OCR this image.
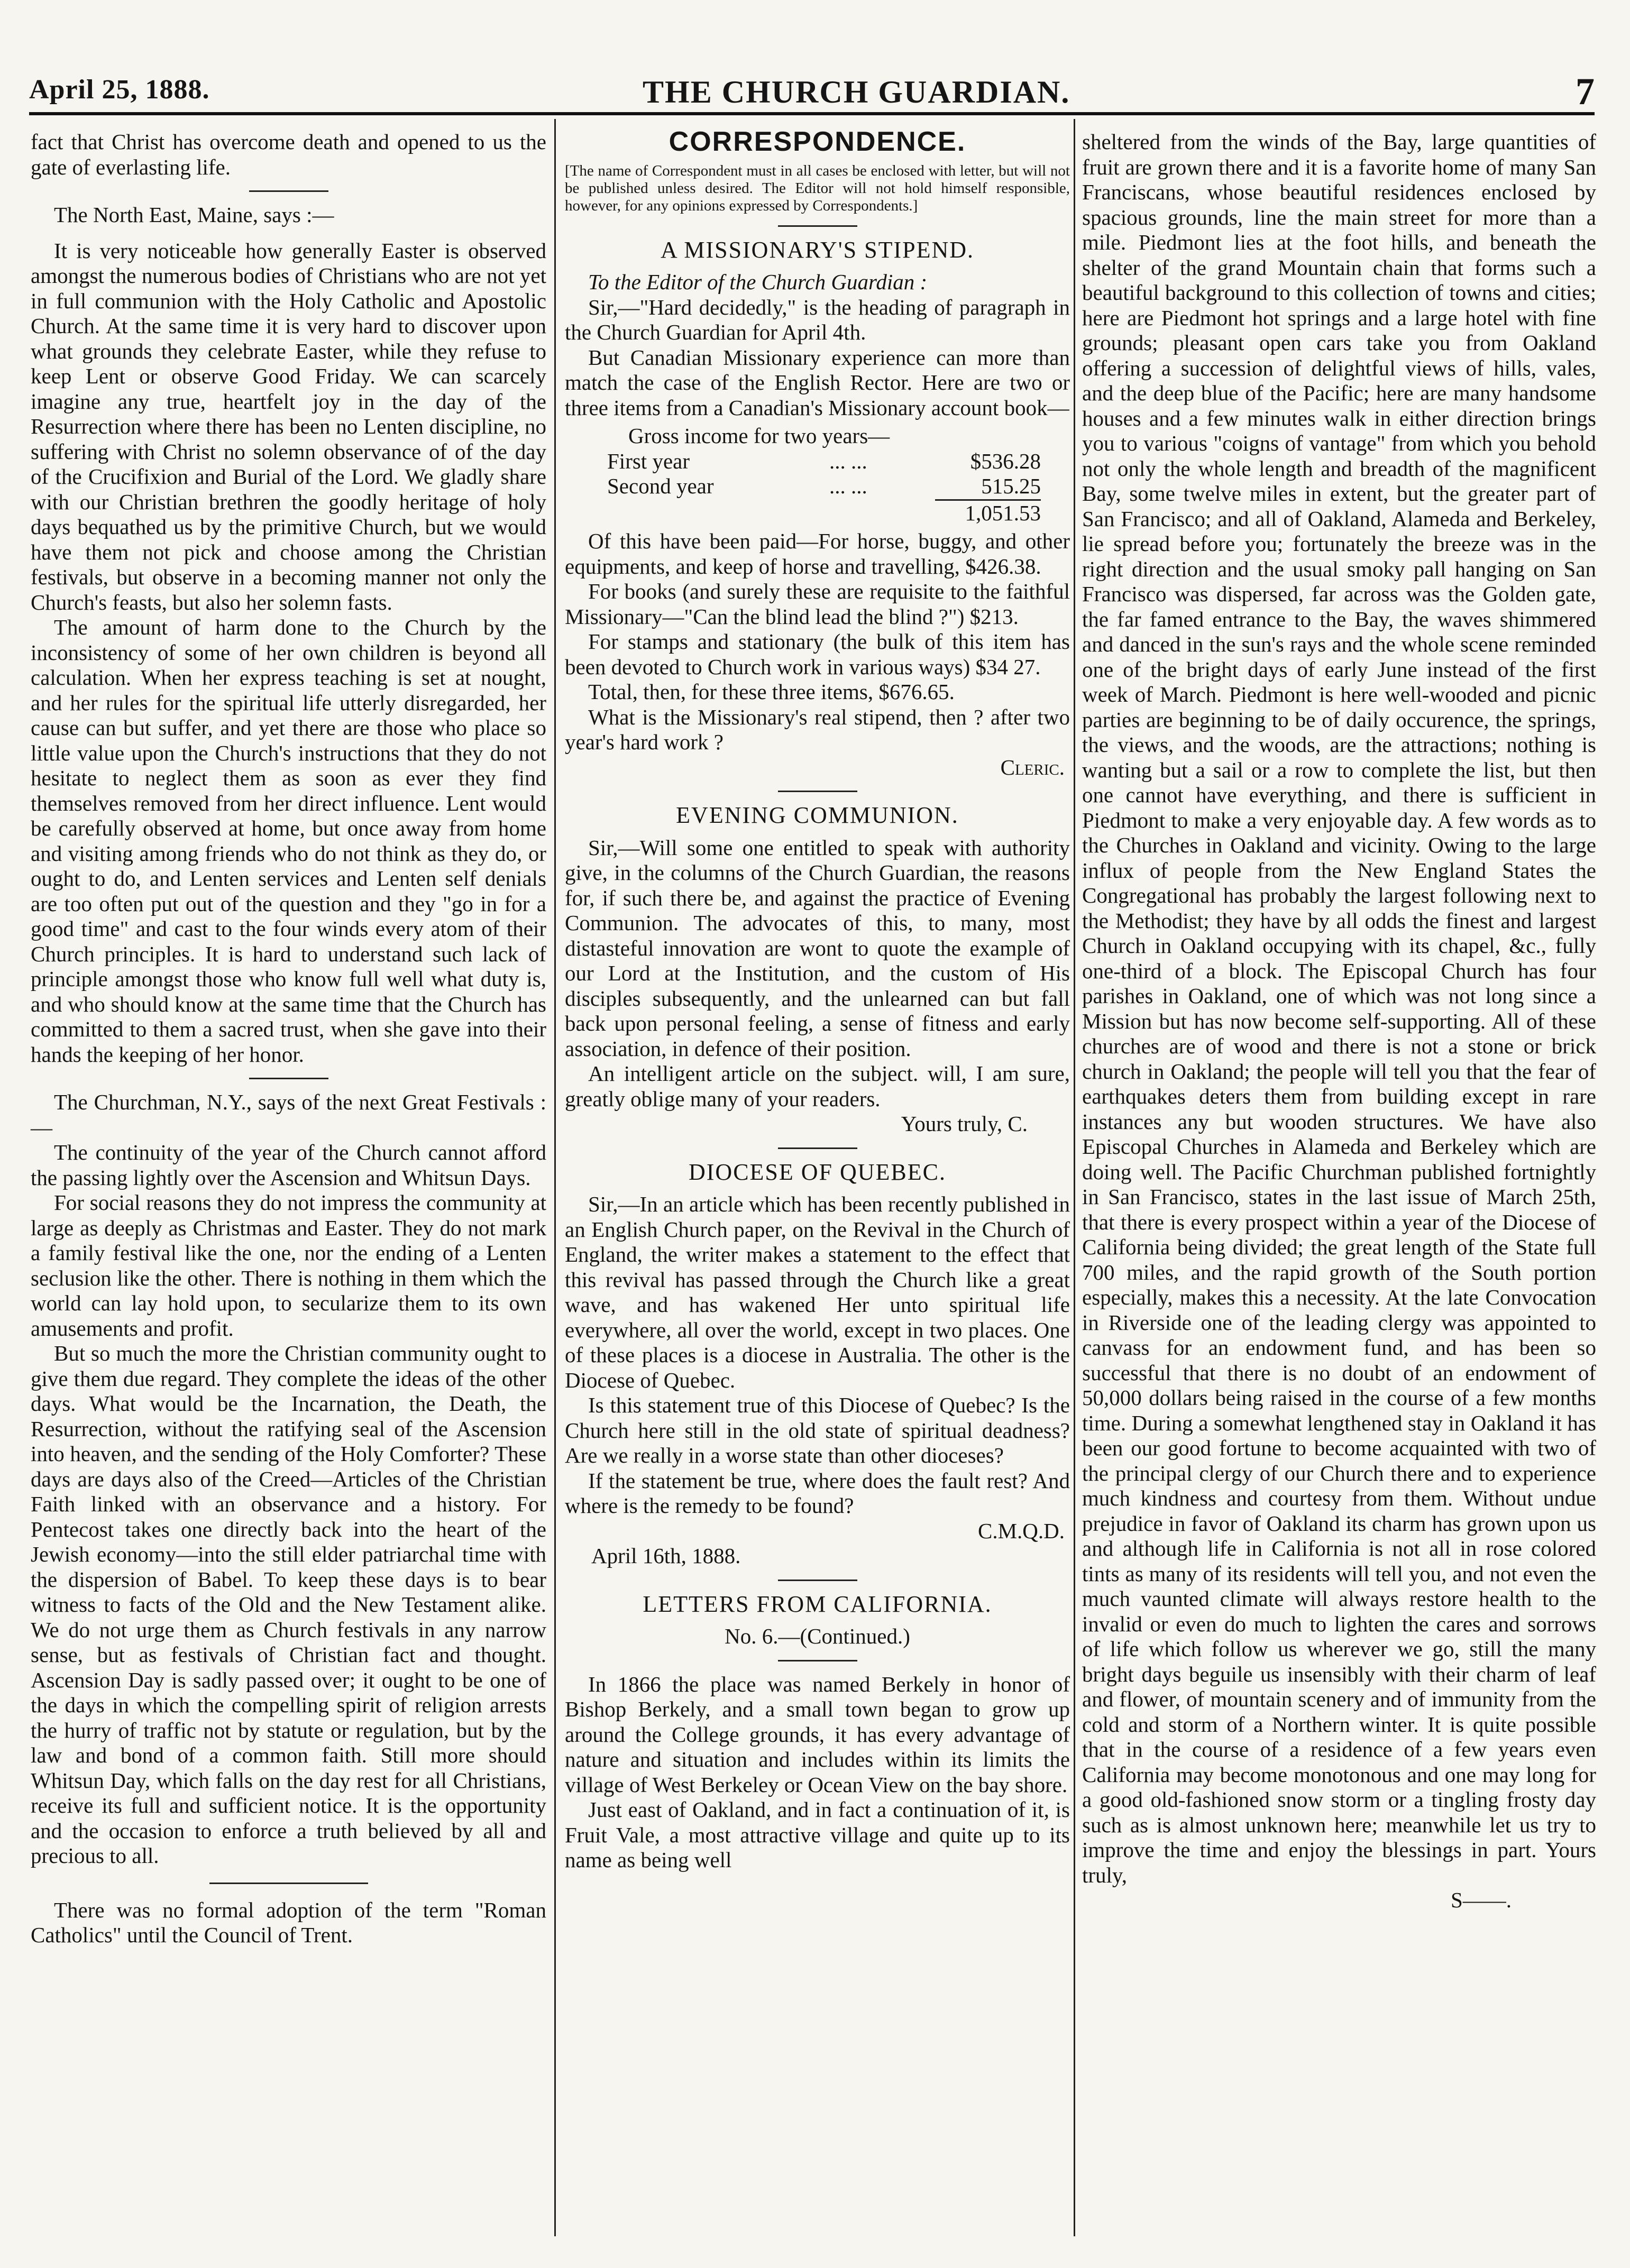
April 25, 1888.	THE CHURCH GUARDIAN.	7

fact that Christ has overcome death and opened to us the gate of everlasting life.

The North East, Maine, says :—

It is very noticeable how generally Easter is observed amongst the numerous bodies of Christians who are not yet in full communion with the Holy Catholic and Apostolic Church. At the same time it is very hard to discover upon what grounds they celebrate Easter, while they refuse to keep Lent or observe Good Friday. We can scarcely imagine any true, heartfelt joy in the day of the Resurrection where there has been no Lenten discipline, no suffering with Christ no solemn observance of of the day of the Crucifixion and Burial of the Lord. We gladly share with our Christian brethren the goodly heritage of holy days bequathed us by the primitive Church, but we would have them not pick and choose among the Christian festivals, but observe in a becoming manner not only the Church's feasts, but also her solemn fasts.

The amount of harm done to the Church by the inconsistency of some of her own children is beyond all calculation. When her express teaching is set at nought, and her rules for the spiritual life utterly disregarded, her cause can but suffer, and yet there are those who place so little value upon the Church's instructions that they do not hesitate to neglect them as soon as ever they find themselves removed from her direct influence. Lent would be carefully observed at home, but once away from home and visiting among friends who do not think as they do, or ought to do, and Lenten services and Lenten self denials are too often put out of the question and they "go in for a good time" and cast to the four winds every atom of their Church principles. It is hard to understand such lack of principle amongst those who know full well what duty is, and who should know at the same time that the Church has committed to them a sacred trust, when she gave into their hands the keeping of her honor.

The Churchman, N.Y., says of the next Great Festivals :—

The continuity of the year of the Church cannot afford the passing lightly over the Ascension and Whitsun Days.

For social reasons they do not impress the community at large as deeply as Christmas and Easter. They do not mark a family festival like the one, nor the ending of a Lenten seclusion like the other. There is nothing in them which the world can lay hold upon, to secularize them to its own amusements and profit.

But so much the more the Christian community ought to give them due regard. They complete the ideas of the other days. What would be the Incarnation, the Death, the Resurrection, without the ratifying seal of the Ascension into heaven, and the sending of the Holy Comforter? These days are days also of the Creed—Articles of the Christian Faith linked with an observance and a history. For Pentecost takes one directly back into the heart of the Jewish economy—into the still elder patriarchal time with the dispersion of Babel. To keep these days is to bear witness to facts of the Old and the New Testament alike. We do not urge them as Church festivals in any narrow sense, but as festivals of Christian fact and thought. Ascension Day is sadly passed over; it ought to be one of the days in which the compelling spirit of religion arrests the hurry of traffic not by statute or regulation, but by the law and bond of a common faith. Still more should Whitsun Day, which falls on the day rest for all Christians, receive its full and sufficient notice. It is the opportunity and the occasion to enforce a truth believed by all and precious to all.

There was no formal adoption of the term "Roman Catholics" until the Council of Trent.

CORRESPONDENCE.
[The name of Correspondent must in all cases be enclosed with letter, but will not be published unless desired. The Editor will not hold himself responsible, however, for any opinions expressed by Correspondents.]
A MISSIONARY'S STIPEND.

To the Editor of the Church Guardian :

Sir,—"Hard decidedly," is the heading of paragraph in the Church Guardian for April 4th.

But Canadian Missionary experience can more than match the case of the English Rector. Here are two or three items from a Canadian's Missionary account book—

Gross income for two years—
First year	... ...	$536.28
Second year	... ...	515.25
1,051.53

Of this have been paid—For horse, buggy, and other equipments, and keep of horse and travelling, $426.38.

For books (and surely these are requisite to the faithful Missionary—"Can the blind lead the blind ?") $213.

For stamps and stationary (the bulk of this item has been devoted to Church work in various ways) $34 27.

Total, then, for these three items, $676.65.

What is the Missionary's real stipend, then ? after two year's hard work ?

Cleric.
EVENING COMMUNION.

Sir,—Will some one entitled to speak with authority give, in the columns of the Church Guardian, the reasons for, if such there be, and against the practice of Evening Communion. The advocates of this, to many, most distasteful innovation are wont to quote the example of our Lord at the Institution, and the custom of His disciples subsequently, and the unlearned can but fall back upon personal feeling, a sense of fitness and early association, in defence of their position.

An intelligent article on the subject. will, I am sure, greatly oblige many of your readers.

Yours truly, C.
DIOCESE OF QUEBEC.

Sir,—In an article which has been recently published in an English Church paper, on the Revival in the Church of England, the writer makes a statement to the effect that this revival has passed through the Church like a great wave, and has wakened Her unto spiritual life everywhere, all over the world, except in two places. One of these places is a diocese in Australia. The other is the Diocese of Quebec.

Is this statement true of this Diocese of Quebec? Is the Church here still in the old state of spiritual deadness? Are we really in a worse state than other dioceses?

If the statement be true, where does the fault rest? And where is the remedy to be found?

C.M.Q.D.
April 16th, 1888.
LETTERS FROM CALIFORNIA.
No. 6.—(Continued.)

In 1866 the place was named Berkely in honor of Bishop Berkely, and a small town began to grow up around the College grounds, it has every advantage of nature and situation and includes within its limits the village of West Berkeley or Ocean View on the bay shore.

Just east of Oakland, and in fact a continuation of it, is Fruit Vale, a most attractive village and quite up to its name as being well

sheltered from the winds of the Bay, large quantities of fruit are grown there and it is a favorite home of many San Franciscans, whose beautiful residences enclosed by spacious grounds, line the main street for more than a mile. Piedmont lies at the foot hills, and beneath the shelter of the grand Mountain chain that forms such a beautiful background to this collection of towns and cities; here are Piedmont hot springs and a large hotel with fine grounds; pleasant open cars take you from Oakland offering a succession of delightful views of hills, vales, and the deep blue of the Pacific; here are many handsome houses and a few minutes walk in either direction brings you to various "coigns of vantage" from which you behold not only the whole length and breadth of the magnificent Bay, some twelve miles in extent, but the greater part of San Francisco; and all of Oakland, Alameda and Berkeley, lie spread before you; fortunately the breeze was in the right direction and the usual smoky pall hanging on San Francisco was dispersed, far across was the Golden gate, the far famed entrance to the Bay, the waves shimmered and danced in the sun's rays and the whole scene reminded one of the bright days of early June instead of the first week of March. Piedmont is here well-wooded and picnic parties are beginning to be of daily occurence, the springs, the views, and the woods, are the attractions; nothing is wanting but a sail or a row to complete the list, but then one cannot have everything, and there is sufficient in Piedmont to make a very enjoyable day. A few words as to the Churches in Oakland and vicinity. Owing to the large influx of people from the New England States the Congregational has probably the largest following next to the Methodist; they have by all odds the finest and largest Church in Oakland occupying with its chapel, &c., fully one-third of a block. The Episcopal Church has four parishes in Oakland, one of which was not long since a Mission but has now become self-supporting. All of these churches are of wood and there is not a stone or brick church in Oakland; the people will tell you that the fear of earthquakes deters them from building except in rare instances any but wooden structures. We have also Episcopal Churches in Alameda and Berkeley which are doing well. The Pacific Churchman published fortnightly in San Francisco, states in the last issue of March 25th, that there is every prospect within a year of the Diocese of California being divided; the great length of the State full 700 miles, and the rapid growth of the South portion especially, makes this a necessity. At the late Convocation in Riverside one of the leading clergy was appointed to canvass for an endowment fund, and has been so successful that there is no doubt of an endowment of 50,000 dollars being raised in the course of a few months time. During a somewhat lengthened stay in Oakland it has been our good fortune to become acquainted with two of the principal clergy of our Church there and to experience much kindness and courtesy from them. Without undue prejudice in favor of Oakland its charm has grown upon us and although life in California is not all in rose colored tints as many of its residents will tell you, and not even the much vaunted climate will always restore health to the invalid or even do much to lighten the cares and sorrows of life which follow us wherever we go, still the many bright days beguile us insensibly with their charm of leaf and flower, of mountain scenery and of immunity from the cold and storm of a Northern winter. It is quite possible that in the course of a residence of a few years even California may become monotonous and one may long for a good old-fashioned snow storm or a tingling frosty day such as is almost unknown here; meanwhile let us try to improve the time and enjoy the blessings in part. Yours truly,

S——.
